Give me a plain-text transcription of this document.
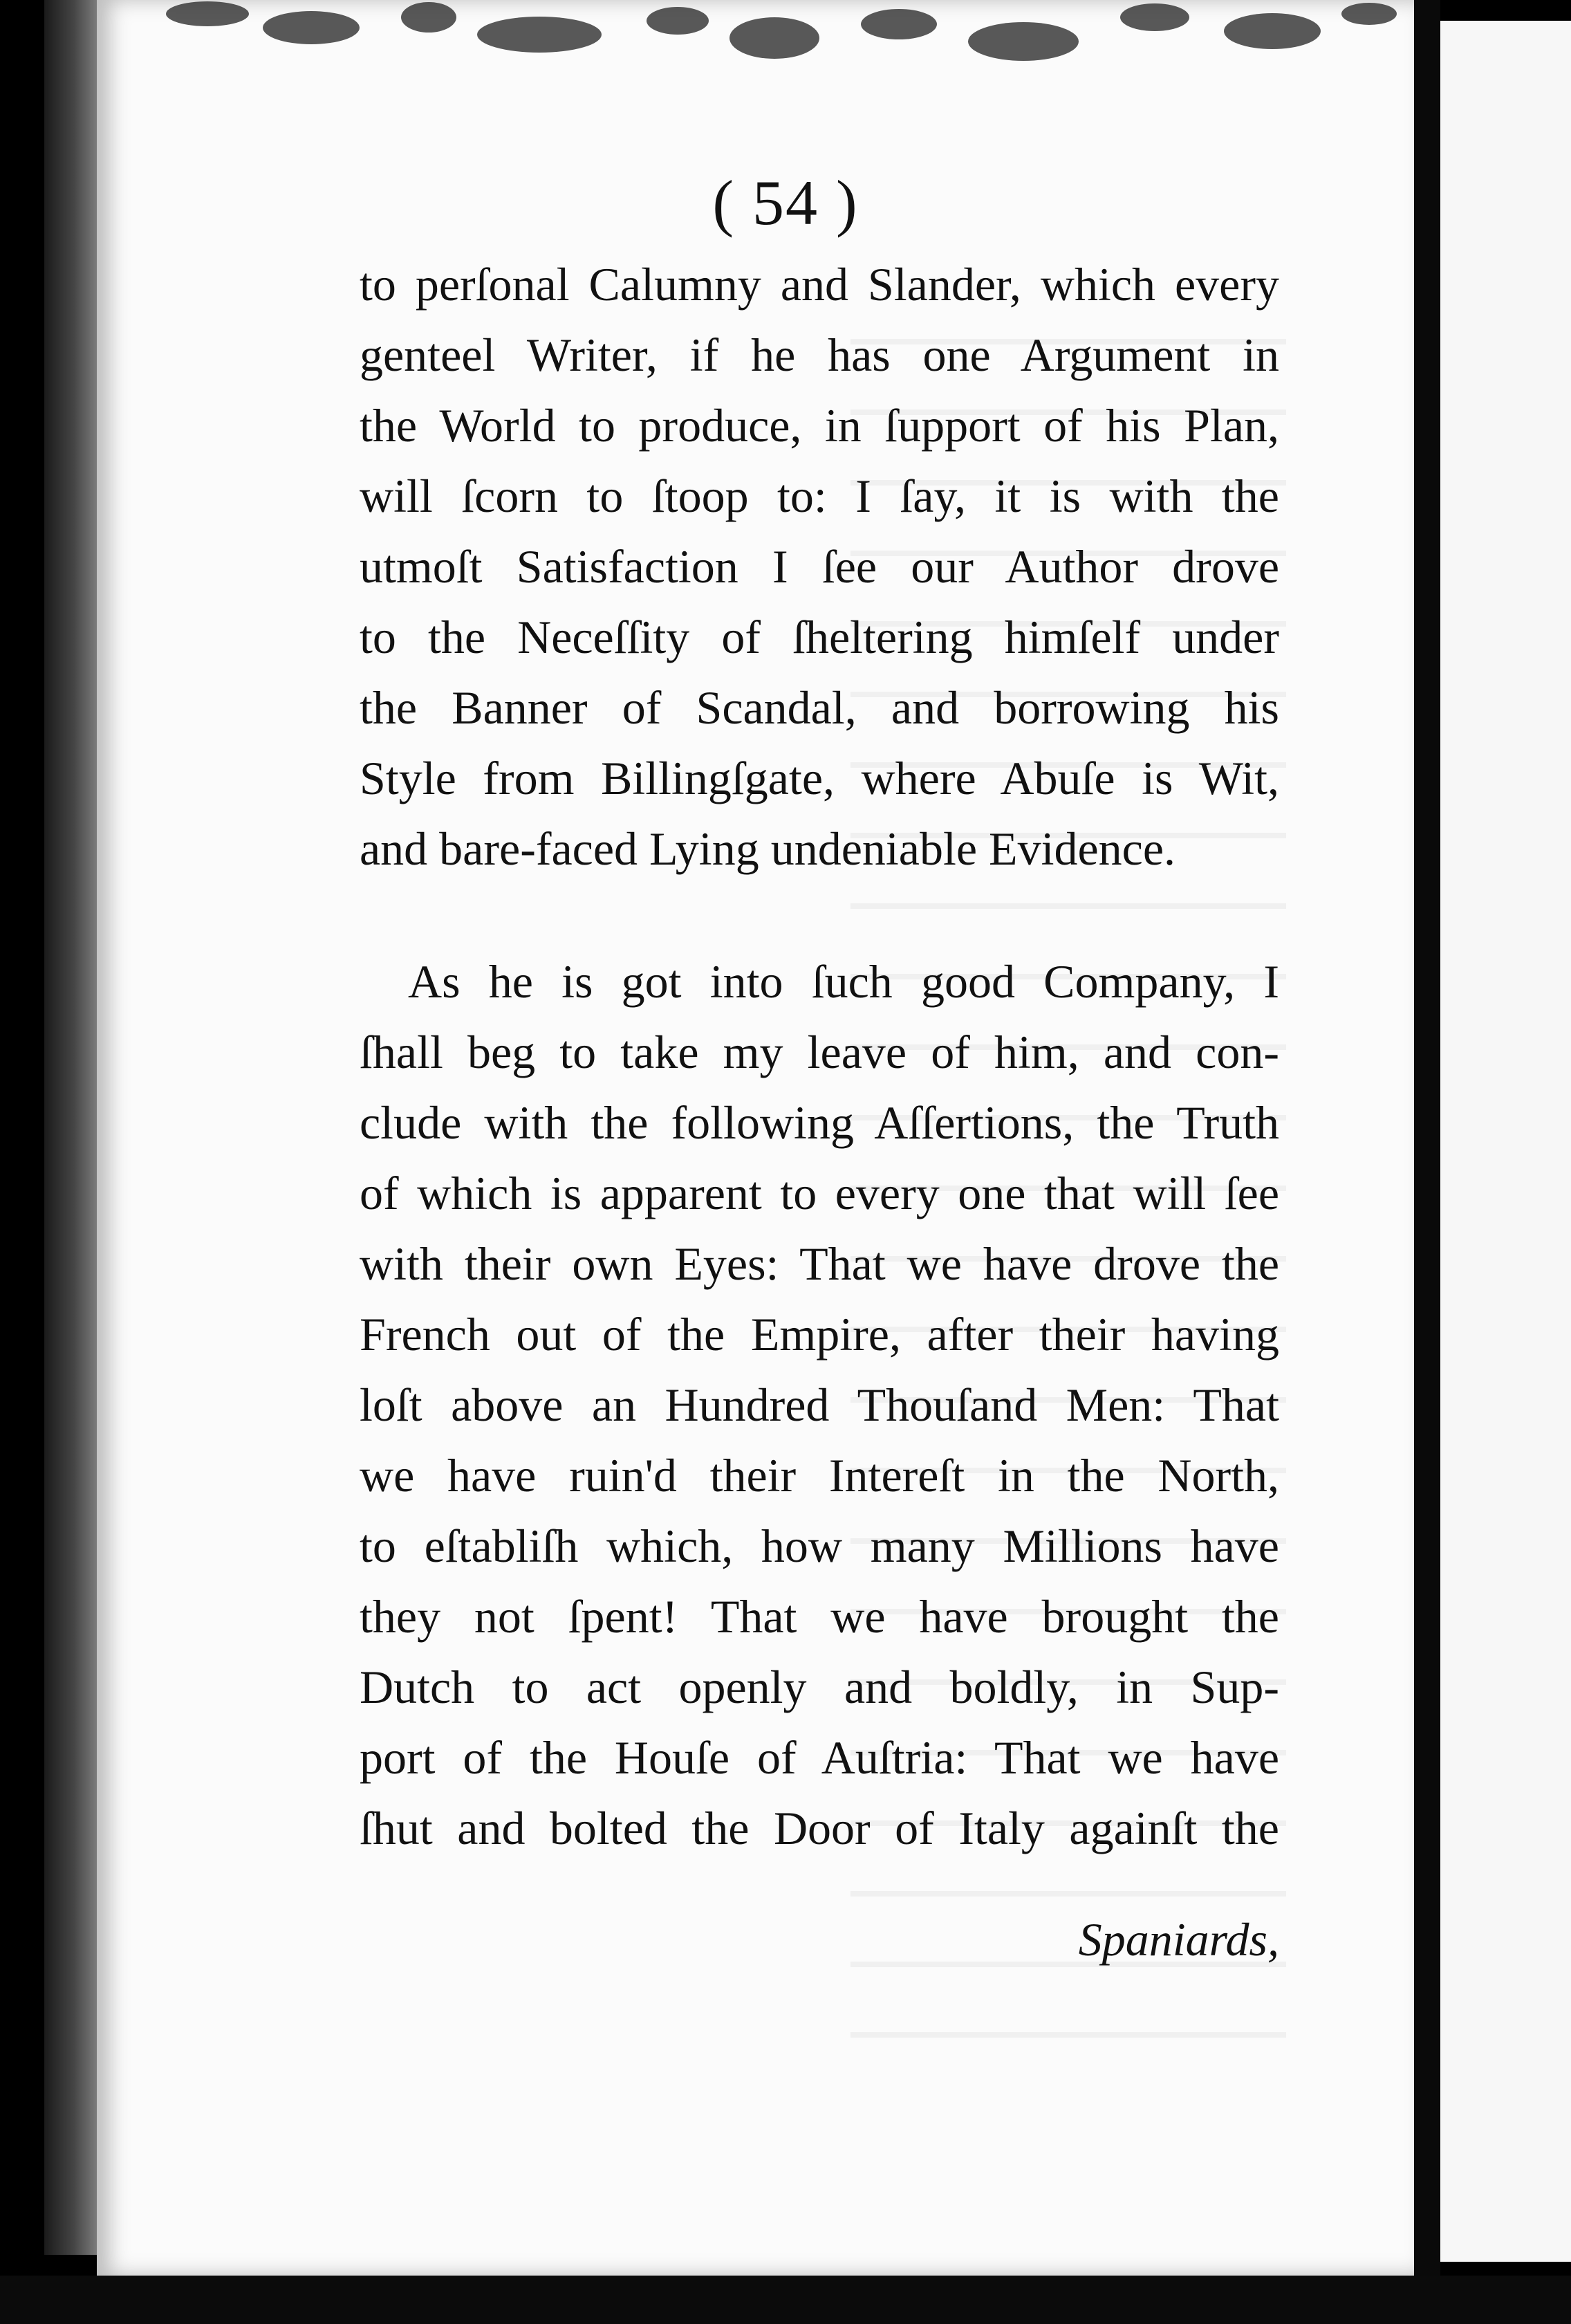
( 54 )
to perſonal Calumny and Slander, which every
genteel Writer, if he has one Argument in
the World to produce, in ſupport of his Plan,
will ſcorn to ſtoop to: I ſay, it is with the
utmoſt Satisfaction I ſee our Author drove
to the Neceſſity of ſheltering himſelf under
the Banner of Scandal, and borrowing his
Style from Billingſgate, where Abuſe is Wit,
and bare-faced Lying undeniable Evidence.
As he is got into ſuch good Company, I
ſhall beg to take my leave of him, and con-
clude with the following Aſſertions, the Truth
of which is apparent to every one that will ſee
with their own Eyes: That we have drove the
French out of the Empire, after their having
loſt above an Hundred Thouſand Men: That
we have ruin'd their Intereſt in the North,
to eſtabliſh which, how many Millions have
they not ſpent! That we have brought the
Dutch to act openly and boldly, in Sup-
port of the Houſe of Auſtria: That we have
ſhut and bolted the Door of Italy againſt the
Spaniards,
